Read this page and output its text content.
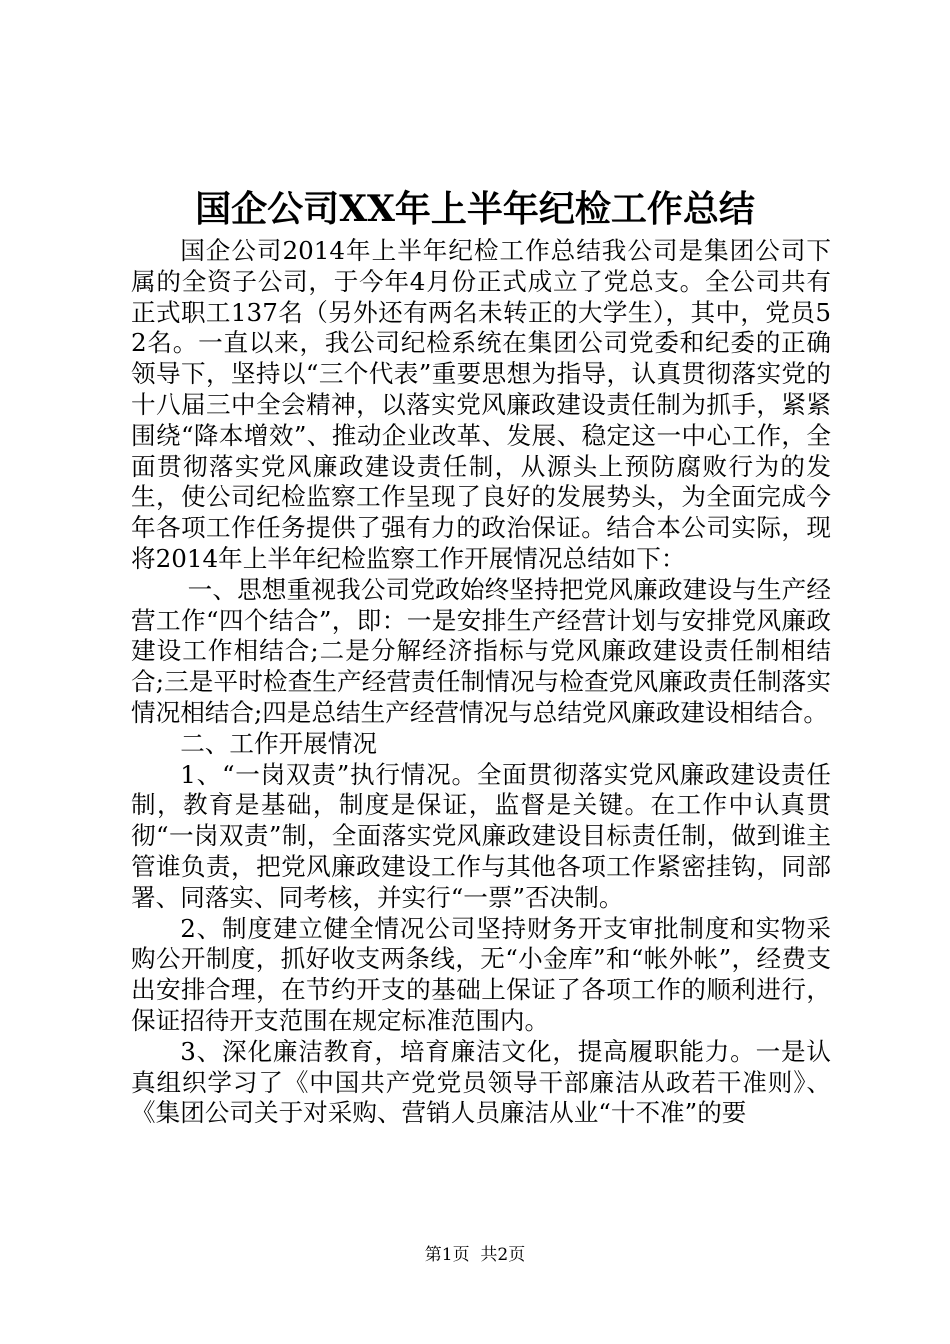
国企公司XX年上半年纪检工作总结

国企公司2014年上半年纪检工作总结我公司是集团公司下属的全资子公司，于今年4月份正式成立了党总支。全公司共有正式职工137名（另外还有两名未转正的大学生），其中，党员52名。一直以来，我公司纪检系统在集团公司党委和纪委的正确领导下，坚持以“三个代表”重要思想为指导，认真贯彻落实党的十八届三中全会精神，以落实党风廉政建设责任制为抓手，紧紧围绕“降本增效”、推动企业改革、发展、稳定这一中心工作，全面贯彻落实党风廉政建设责任制，从源头上预防腐败行为的发生，使公司纪检监察工作呈现了良好的发展势头，为全面完成今年各项工作任务提供了强有力的政治保证。结合本公司实际，现将2014年上半年纪检监察工作开展情况总结如下：

一、思想重视我公司党政始终坚持把党风廉政建设与生产经营工作“四个结合”，即：一是安排生产经营计划与安排党风廉政建设工作相结合;二是分解经济指标与党风廉政建设责任制相结合;三是平时检查生产经营责任制情况与检查党风廉政责任制落实情况相结合;四是总结生产经营情况与总结党风廉政建设相结合。

二、工作开展情况

1、“一岗双责”执行情况。全面贯彻落实党风廉政建设责任制，教育是基础，制度是保证，监督是关键。在工作中认真贯彻“一岗双责”制，全面落实党风廉政建设目标责任制，做到谁主管谁负责，把党风廉政建设工作与其他各项工作紧密挂钩，同部署、同落实、同考核，并实行“一票”否决制。

2、制度建立健全情况公司坚持财务开支审批制度和实物采购公开制度，抓好收支两条线，无“小金库”和“帐外帐”，经费支出安排合理，在节约开支的基础上保证了各项工作的顺利进行，保证招待开支范围在规定标准范围内。

3、深化廉洁教育，培育廉洁文化，提高履职能力。一是认真组织学习了《中国共产党党员领导干部廉洁从政若干准则》、《集团公司关于对采购、营销人员廉洁从业“十不准”的要

第1页 共2页
